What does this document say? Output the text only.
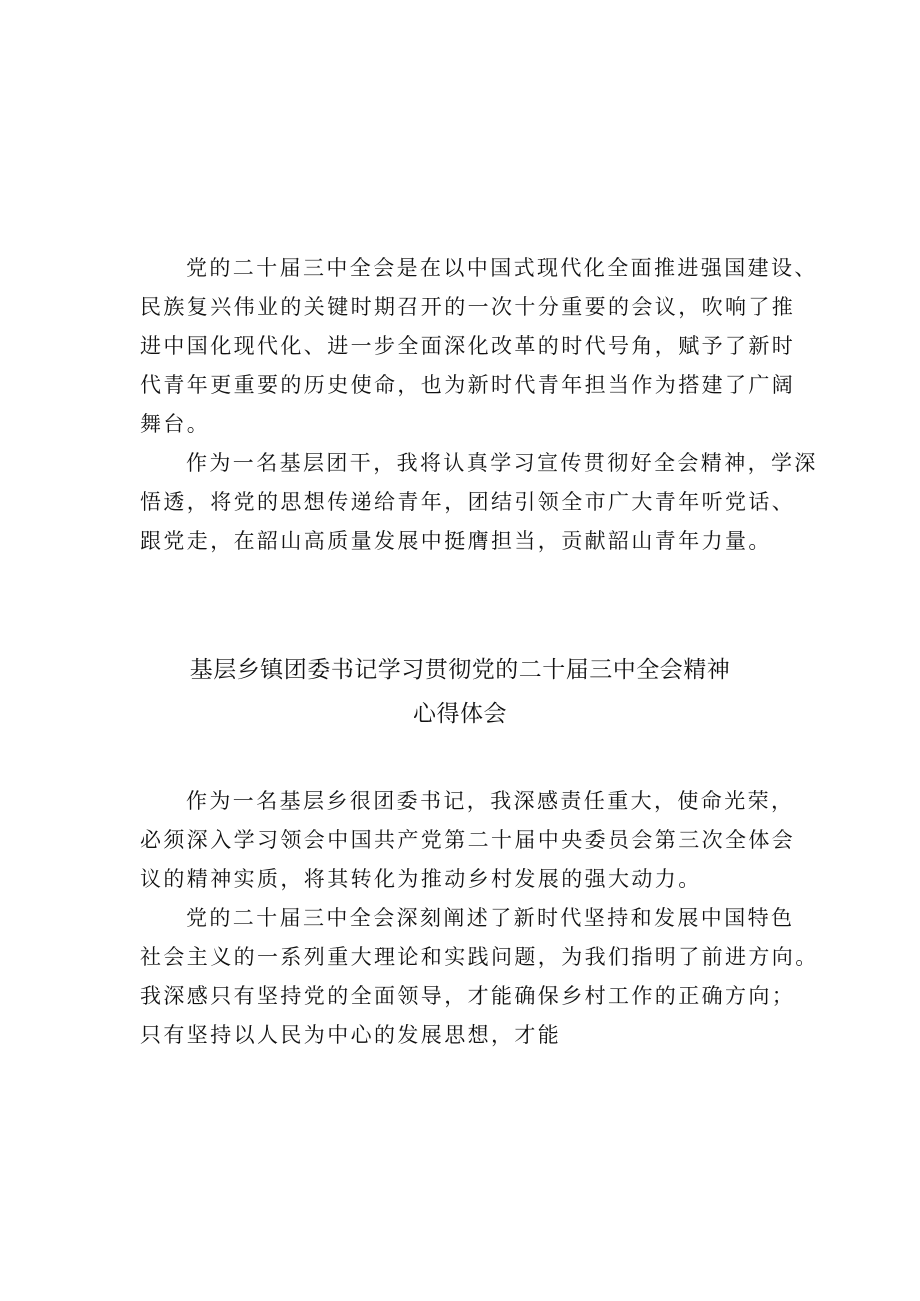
党的二十届三中全会是在以中国式现代化全面推进强国建设、
民族复兴伟业的关键时期召开的一次十分重要的会议，吹响了推
进中国化现代化、进一步全面深化改革的时代号角，赋予了新时
代青年更重要的历史使命，也为新时代青年担当作为搭建了广阔
舞台。
作为一名基层团干，我将认真学习宣传贯彻好全会精神，学深
悟透，将党的思想传递给青年，团结引领全市广大青年听党话、
跟党走，在韶山高质量发展中挺膺担当，贡献韶山青年力量。
基层乡镇团委书记学习贯彻党的二十届三中全会精神
心得体会
作为一名基层乡很团委书记，我深感责任重大，使命光荣，
必须深入学习领会中国共产党第二十届中央委员会第三次全体会
议的精神实质，将其转化为推动乡村发展的强大动力。
党的二十届三中全会深刻阐述了新时代坚持和发展中国特色
社会主义的一系列重大理论和实践问题，为我们指明了前进方向。
我深感只有坚持党的全面领导，才能确保乡村工作的正确方向；
只有坚持以人民为中心的发展思想，才能
